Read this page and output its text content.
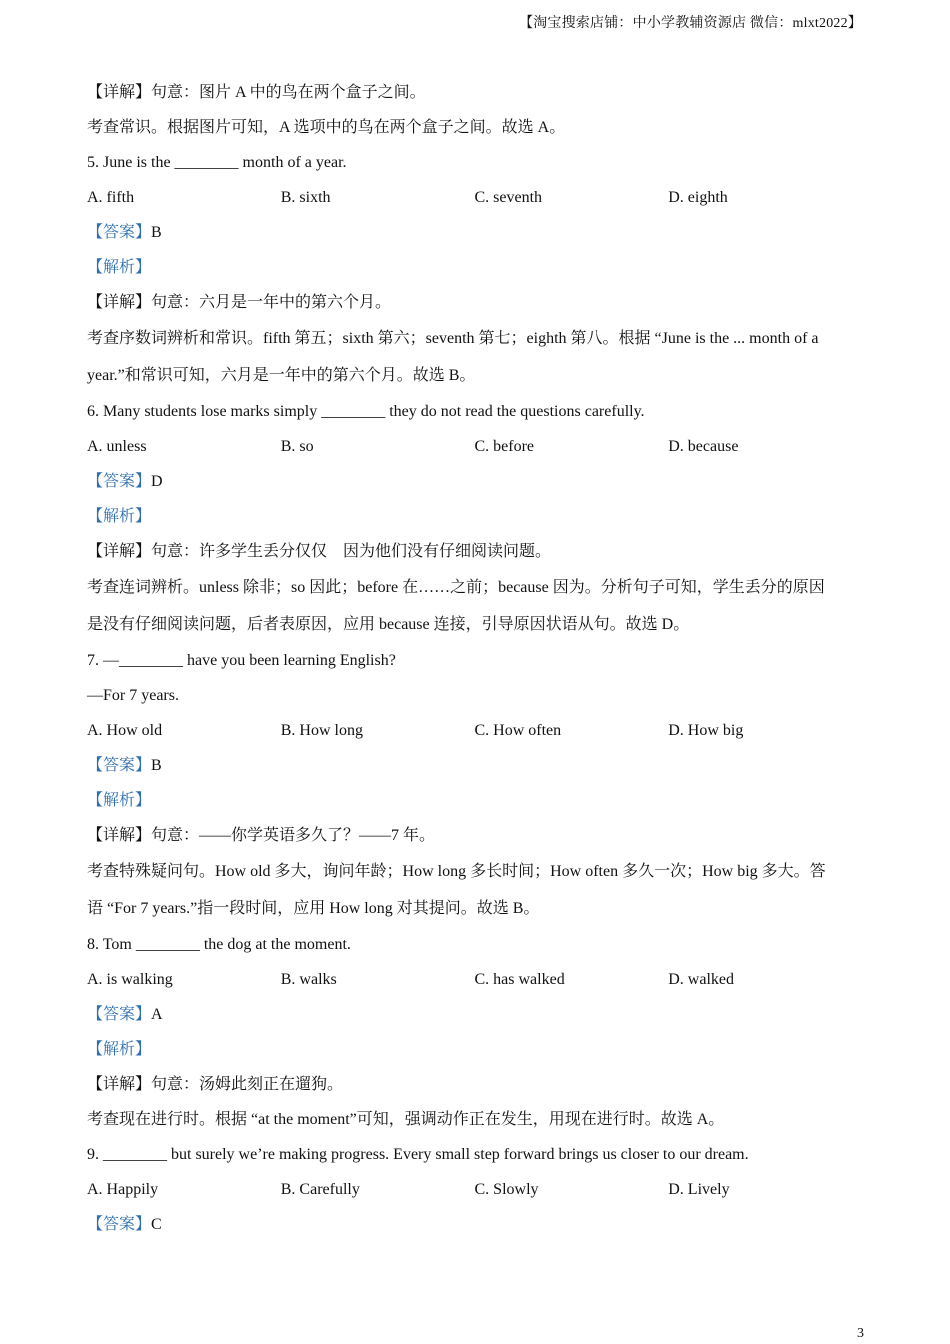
【淘宝搜索店铺：中小学教辅资源店 微信：mlxt2022】
【详解】句意：图片 A 中的鸟在两个盒子之间。
考查常识。根据图片可知，A 选项中的鸟在两个盒子之间。故选 A。
5. June is the ________ month of a year.
A. fifth	B. sixth	C. seventh	D. eighth
【答案】B
【解析】
【详解】句意：六月是一年中的第六个月。
考查序数词辨析和常识。fifth 第五；sixth 第六；seventh 第七；eighth 第八。根据 “June is the ... month of a
year.”和常识可知，六月是一年中的第六个月。故选 B。
6. Many students lose marks simply ________ they do not read the questions carefully.
A. unless	B. so	C. before	D. because
【答案】D
【解析】
【详解】句意：许多学生丢分仅仅    因为他们没有仔细阅读问题。
考查连词辨析。unless 除非；so 因此；before 在……之前；because 因为。分析句子可知，学生丢分的原因
是没有仔细阅读问题，后者表原因，应用 because 连接，引导原因状语从句。故选 D。
7. —________ have you been learning English?
—For 7 years.
A. How old	B. How long	C. How often	D. How big
【答案】B
【解析】
【详解】句意：——你学英语多久了？——7 年。
考查特殊疑问句。How old 多大，询问年龄；How long 多长时间；How often 多久一次；How big 多大。答
语 “For 7 years.”指一段时间，应用 How long 对其提问。故选 B。
8. Tom ________ the dog at the moment.
A. is walking	B. walks	C. has walked	D. walked
【答案】A
【解析】
【详解】句意：汤姆此刻正在遛狗。
考查现在进行时。根据 “at the moment”可知，强调动作正在发生，用现在进行时。故选 A。
9. ________ but surely we’re making progress. Every small step forward brings us closer to our dream.
A. Happily	B. Carefully	C. Slowly	D. Lively
【答案】C
3
